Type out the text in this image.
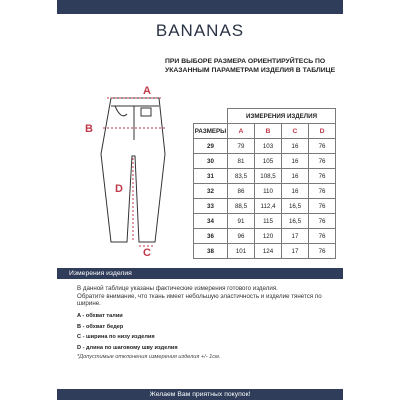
BANANAS
ПРИ ВЫБОРЕ РАЗМЕРА ОРИЕНТИРУЙТЕСЬ ПО УКАЗАННЫМ ПАРАМЕТРАМ ИЗДЕЛИЯ В ТАБЛИЦЕ
A
B
D
C
	ИЗМЕРЕНИЯ ИЗДЕЛИЯ			
РАЗМЕРЫ	A	B	C	D
29	79	103	16	76
30	81	105	16	76
31	83,5	108,5	16	76
32	86	110	16	76
33	88,5	112,4	16,5	76
34	91	115	16,5	76
36	96	120	17	76
38	101	124	17	76
Измерения изделия
В данной таблице указаны фактические измерения готового изделия.
Обратите внимание, что ткань имеет небольшую эластичность и изделие тянется по ширине.
A - обхват талии
B - обхват бедер
C - ширина по низу изделия
D - длина по шаговому шву изделия
*Допустимые отклонения измерения изделия +/- 1см.
Желаем Вам приятных покупок!
